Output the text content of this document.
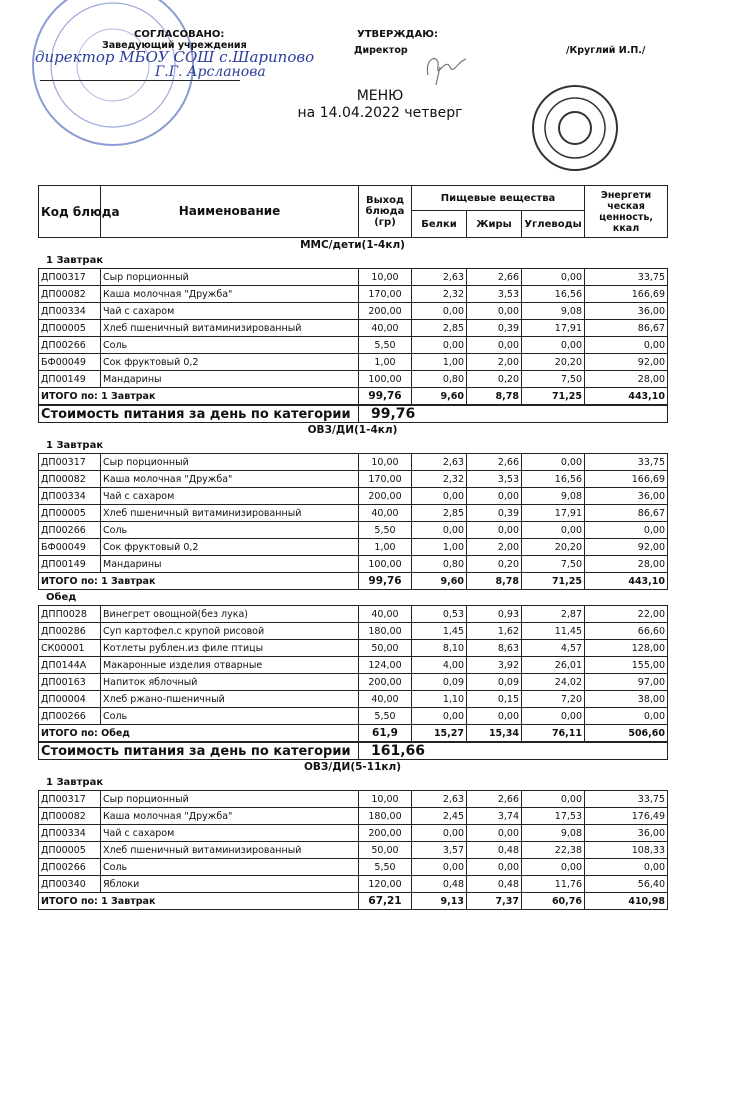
СОГЛАСОВАНО:
Заведующий учреждения
директор МБОУ СОШ с.Шарипово
Г.Г. Арсланова
УТВЕРЖДАЮ:
Директор	/Круглий И.П./
МЕНЮ
на 14.04.2022 четверг
Код блюда	Наименование	Выход блюда (гр)	Пищевые вещества			Энергети ческая ценность, ккал
			Белки	Жиры	Углеводы	
ММС/дети(1-4кл)
1 Завтрак
ДП00317	Сыр порционный	10,00	2,63	2,66	0,00	33,75
ДП00082	Каша молочная "Дружба"	170,00	2,32	3,53	16,56	166,69
ДП00334	Чай с сахаром	200,00	0,00	0,00	9,08	36,00
ДП00005	Хлеб пшеничный витаминизированный	40,00	2,85	0,39	17,91	86,67
ДП00266	Соль	5,50	0,00	0,00	0,00	0,00
БФ00049	Сок фруктовый 0,2	1,00	1,00	2,00	20,20	92,00
ДП00149	Мандарины	100,00	0,80	0,20	7,50	28,00
ИТОГО по: 1 Завтрак		99,76	9,60	8,78	71,25	443,10
Стоимость питания за день по категории	99,76
ОВЗ/ДИ(1-4кл)
1 Завтрак
ДП00317	Сыр порционный	10,00	2,63	2,66	0,00	33,75
ДП00082	Каша молочная "Дружба"	170,00	2,32	3,53	16,56	166,69
ДП00334	Чай с сахаром	200,00	0,00	0,00	9,08	36,00
ДП00005	Хлеб пшеничный витаминизированный	40,00	2,85	0,39	17,91	86,67
ДП00266	Соль	5,50	0,00	0,00	0,00	0,00
БФ00049	Сок фруктовый 0,2	1,00	1,00	2,00	20,20	92,00
ДП00149	Мандарины	100,00	0,80	0,20	7,50	28,00
ИТОГО по: 1 Завтрак		99,76	9,60	8,78	71,25	443,10
Обед
ДПП0028	Винегрет овощной(без лука)	40,00	0,53	0,93	2,87	22,00
ДП00286	Суп картофел.с крупой рисовой	180,00	1,45	1,62	11,45	66,60
СК00001	Котлеты рублен.из филе птицы	50,00	8,10	8,63	4,57	128,00
ДП0144А	Макаронные изделия отварные	124,00	4,00	3,92	26,01	155,00
ДП00163	Напиток яблочный	200,00	0,09	0,09	24,02	97,00
ДП00004	Хлеб ржано-пшеничный	40,00	1,10	0,15	7,20	38,00
ДП00266	Соль	5,50	0,00	0,00	0,00	0,00
ИТОГО по: Обед		61,9	15,27	15,34	76,11	506,60
Стоимость питания за день по категории	161,66
ОВЗ/ДИ(5-11кл)
1 Завтрак
ДП00317	Сыр порционный	10,00	2,63	2,66	0,00	33,75
ДП00082	Каша молочная "Дружба"	180,00	2,45	3,74	17,53	176,49
ДП00334	Чай с сахаром	200,00	0,00	0,00	9,08	36,00
ДП00005	Хлеб пшеничный витаминизированный	50,00	3,57	0,48	22,38	108,33
ДП00266	Соль	5,50	0,00	0,00	0,00	0,00
ДП00340	Яблоки	120,00	0,48	0,48	11,76	56,40
ИТОГО по: 1 Завтрак		67,21	9,13	7,37	60,76	410,98
